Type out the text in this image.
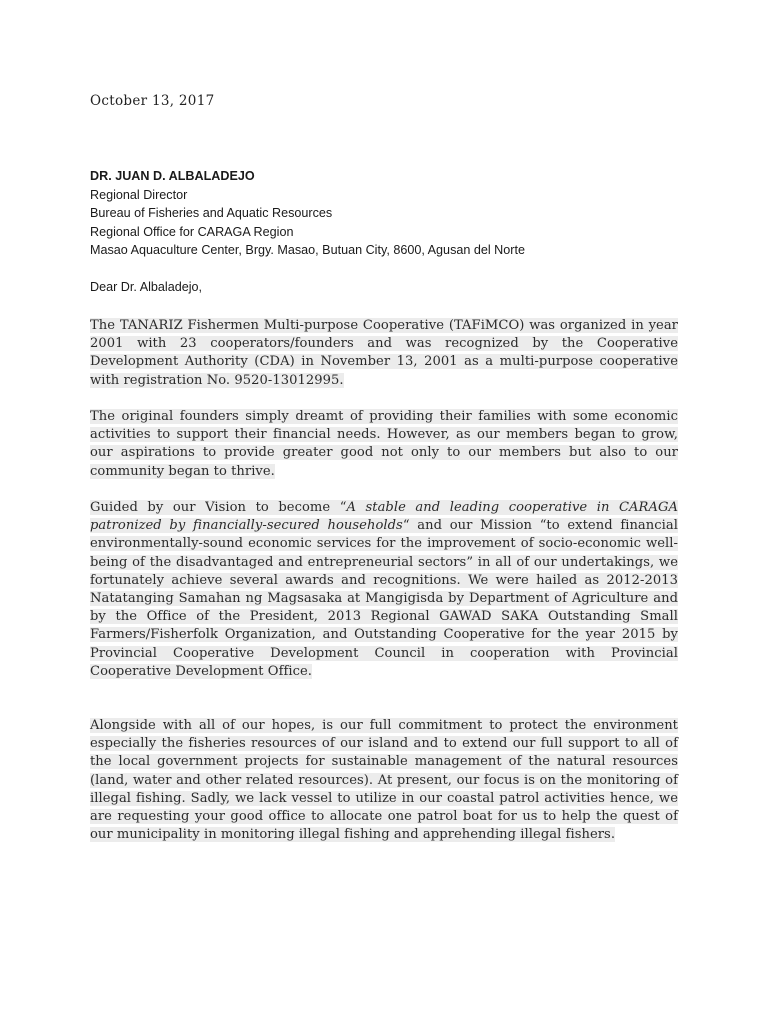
October 13, 2017
DR. JUAN D. ALBALADEJO
Regional Director
Bureau of Fisheries and Aquatic Resources
Regional Office for CARAGA Region
Masao Aquaculture Center, Brgy. Masao, Butuan City, 8600, Agusan del Norte
Dear Dr. Albaladejo,

The TANARIZ Fishermen Multi-purpose Cooperative (TAFiMCO) was organized in year 2001 with 23 cooperators/founders and was recognized by the Cooperative Development Authority (CDA) in November 13, 2001 as a multi-purpose cooperative with registration No. 9520-13012995.

The original founders simply dreamt of providing their families with some economic activities to support their financial needs. However, as our members began to grow, our aspirations to provide greater good not only to our members but also to our community began to thrive.

Guided by our Vision to become “A stable and leading cooperative in CARAGA patronized by financially-secured households“ and our Mission “to extend financial environmentally-sound economic services for the improvement of socio-economic well-being of the disadvantaged and entrepreneurial sectors” in all of our undertakings, we fortunately achieve several awards and recognitions. We were hailed as 2012-2013 Natatanging Samahan ng Magsasaka at Mangigisda by Department of Agriculture and by the Office of the President, 2013 Regional GAWAD SAKA Outstanding Small Farmers/Fisherfolk Organization, and Outstanding Cooperative for the year 2015 by Provincial Cooperative Development Council in cooperation with Provincial Cooperative Development Office.

Alongside with all of our hopes, is our full commitment to protect the environment especially the fisheries resources of our island and to extend our full support to all of the local government projects for sustainable management of the natural resources (land, water and other related resources). At present, our focus is on the monitoring of illegal fishing. Sadly, we lack vessel to utilize in our coastal patrol activities hence, we are requesting your good office to allocate one patrol boat for us to help the quest of our municipality in monitoring illegal fishing and apprehending illegal fishers.
